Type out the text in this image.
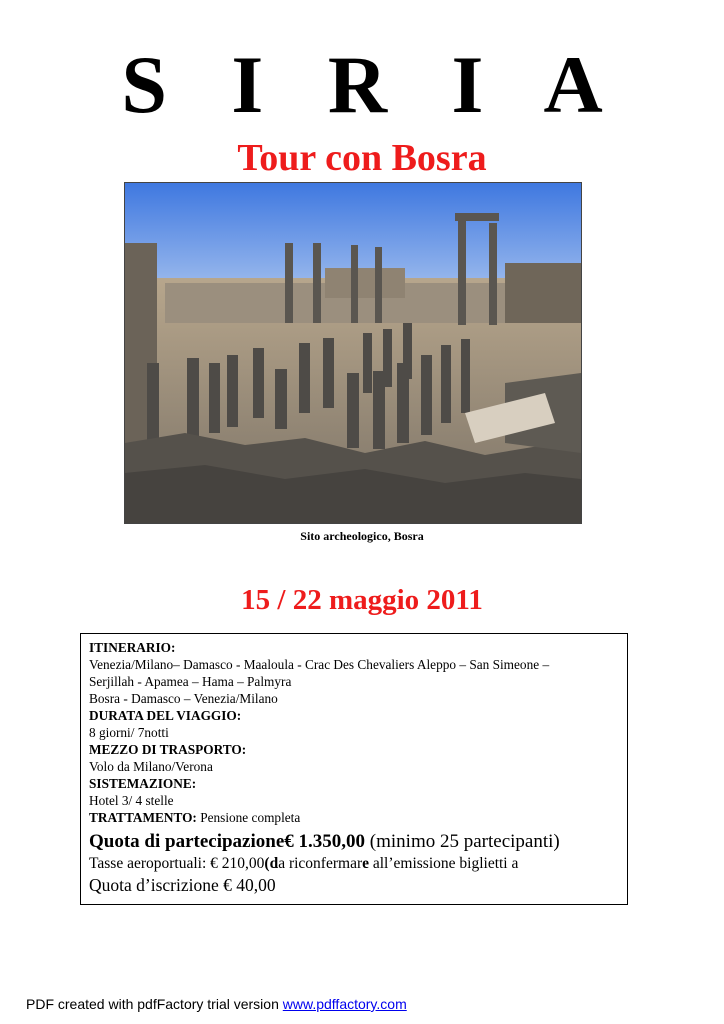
S I R I A
Tour con Bosra
Sito archeologico, Bosra
15 / 22 maggio 2011
ITINERARIO:
Venezia/Milano– Damasco - Maaloula - Crac Des Chevaliers Aleppo – San Simeone –
Serjillah - Apamea – Hama – Palmyra
Bosra - Damasco – Venezia/Milano
DURATA DEL VIAGGIO:
8 giorni/ 7notti
MEZZO DI TRASPORTO:
Volo da Milano/Verona
SISTEMAZIONE:
Hotel 3/ 4 stelle
TRATTAMENTO: Pensione completa
Quota di partecipazione€ 1.350,00 (minimo 25 partecipanti)
Tasse aeroportuali: € 210,00(da riconfermare all’emissione biglietti a
Quota d’iscrizione € 40,00
PDF created with pdfFactory trial version www.pdffactory.com
